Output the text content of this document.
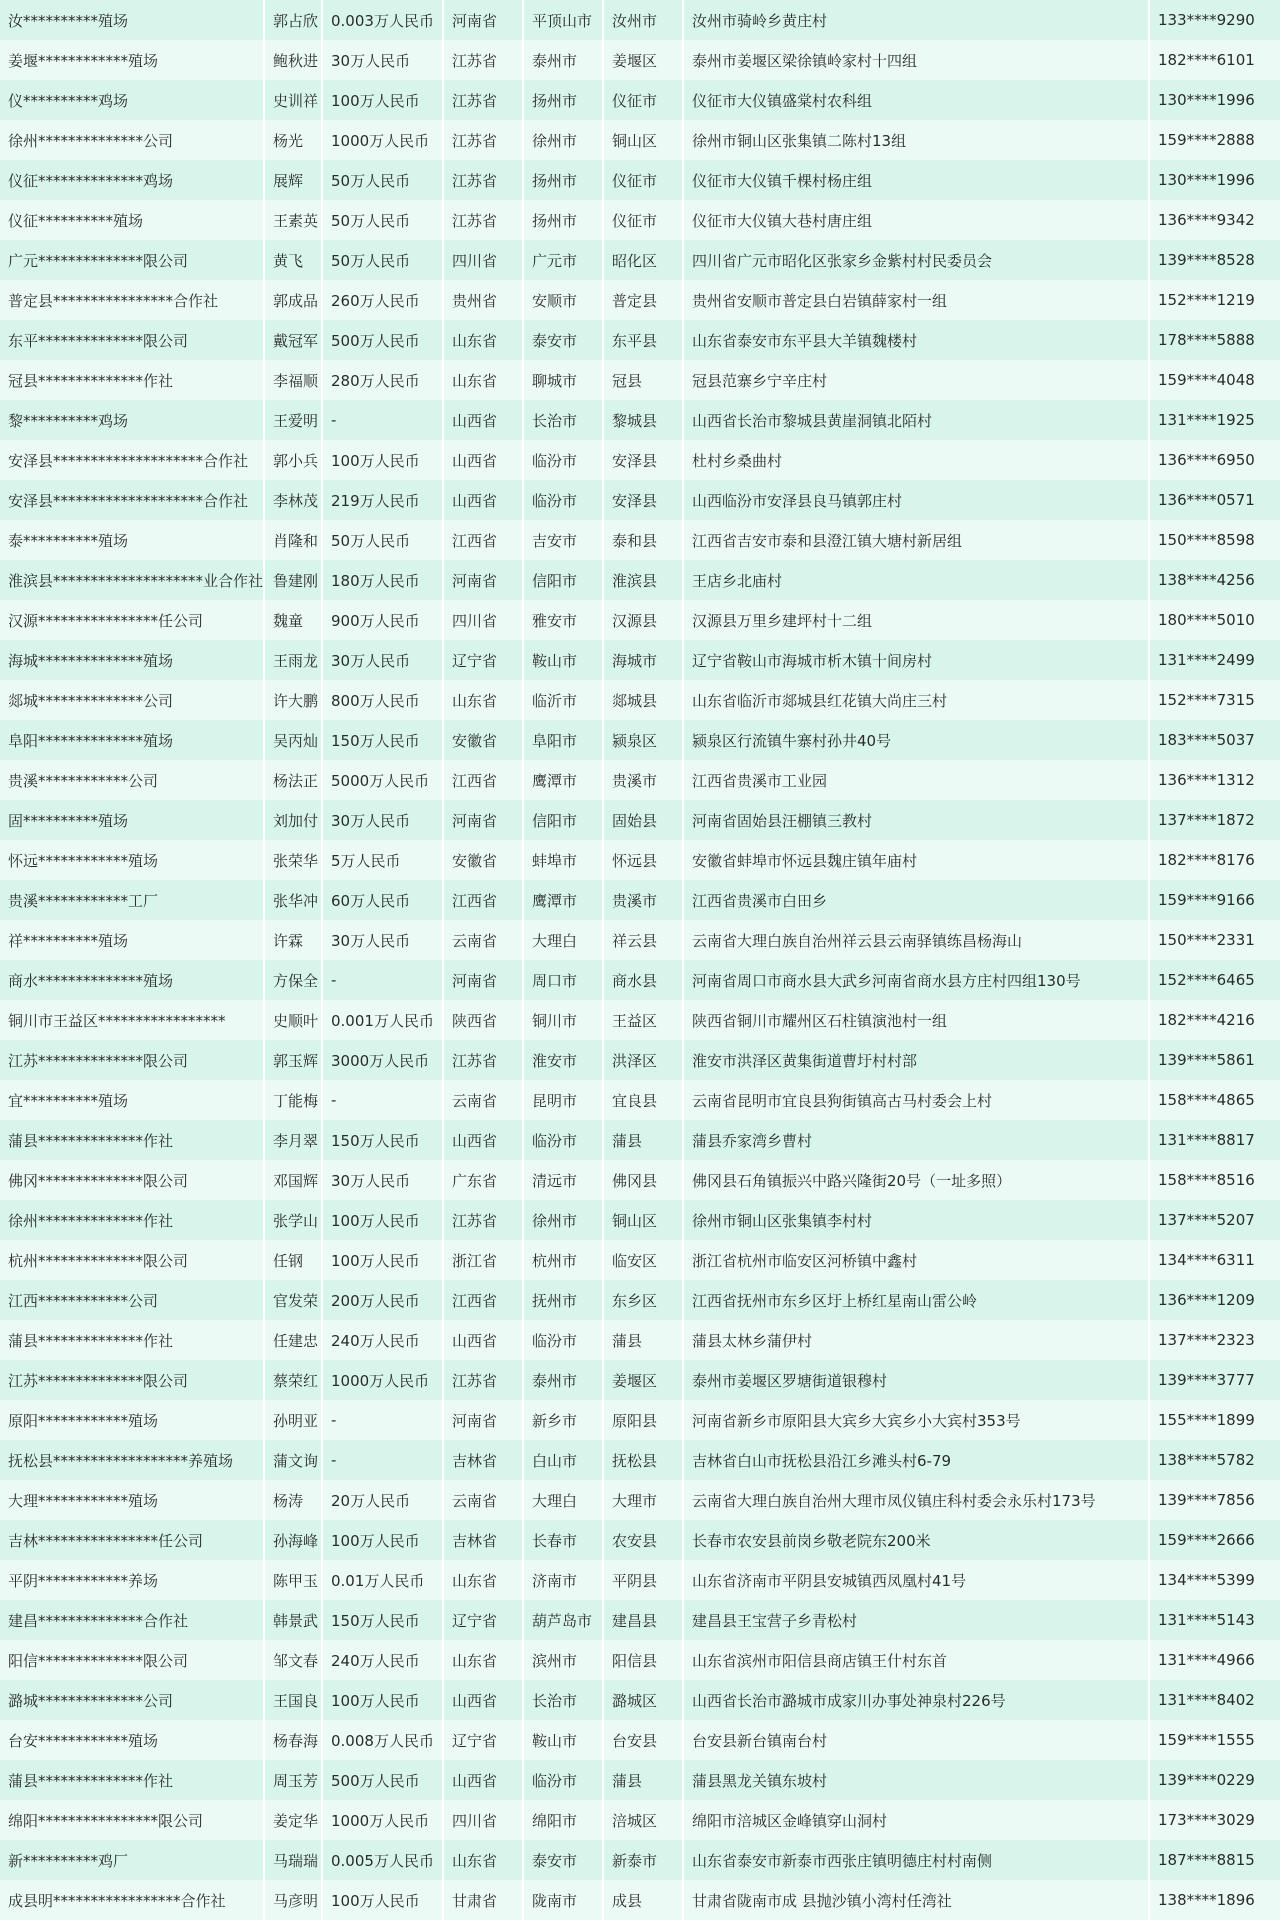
汝**********殖场	郭占欣	0.003万人民币	河南省	平顶山市	汝州市	汝州市骑岭乡黄庄村	133****9290
姜堰************殖场	鲍秋进	30万人民币	江苏省	泰州市	姜堰区	泰州市姜堰区梁徐镇岭家村十四组	182****6101
仪**********鸡场	史训祥	100万人民币	江苏省	扬州市	仪征市	仪征市大仪镇盛棠村农科组	130****1996
徐州**************公司	杨光	1000万人民币	江苏省	徐州市	铜山区	徐州市铜山区张集镇二陈村13组	159****2888
仪征**************鸡场	展辉	50万人民币	江苏省	扬州市	仪征市	仪征市大仪镇千棵村杨庄组	130****1996
仪征**********殖场	王素英	50万人民币	江苏省	扬州市	仪征市	仪征市大仪镇大巷村唐庄组	136****9342
广元**************限公司	黄飞	50万人民币	四川省	广元市	昭化区	四川省广元市昭化区张家乡金紫村村民委员会	139****8528
普定县****************合作社	郭成品	260万人民币	贵州省	安顺市	普定县	贵州省安顺市普定县白岩镇薛家村一组	152****1219
东平**************限公司	戴冠军	500万人民币	山东省	泰安市	东平县	山东省泰安市东平县大羊镇魏楼村	178****5888
冠县**************作社	李福顺	280万人民币	山东省	聊城市	冠县	冠县范寨乡宁辛庄村	159****4048
黎**********鸡场	王爱明	-	山西省	长治市	黎城县	山西省长治市黎城县黄崖洞镇北陌村	131****1925
安泽县********************合作社	郭小兵	100万人民币	山西省	临汾市	安泽县	杜村乡桑曲村	136****6950
安泽县********************合作社	李林茂	219万人民币	山西省	临汾市	安泽县	山西临汾市安泽县良马镇郭庄村	136****0571
泰**********殖场	肖隆和	50万人民币	江西省	吉安市	泰和县	江西省吉安市泰和县澄江镇大塘村新居组	150****8598
淮滨县********************业合作社	鲁建刚	180万人民币	河南省	信阳市	淮滨县	王店乡北庙村	138****4256
汉源****************任公司	魏童	900万人民币	四川省	雅安市	汉源县	汉源县万里乡建坪村十二组	180****5010
海城**************殖场	王雨龙	30万人民币	辽宁省	鞍山市	海城市	辽宁省鞍山市海城市析木镇十间房村	131****2499
郯城**************公司	许大鹏	800万人民币	山东省	临沂市	郯城县	山东省临沂市郯城县红花镇大尚庄三村	152****7315
阜阳**************殖场	吴丙灿	150万人民币	安徽省	阜阳市	颍泉区	颍泉区行流镇牛寨村孙井40号	183****5037
贵溪************公司	杨法正	5000万人民币	江西省	鹰潭市	贵溪市	江西省贵溪市工业园	136****1312
固**********殖场	刘加付	30万人民币	河南省	信阳市	固始县	河南省固始县汪棚镇三教村	137****1872
怀远************殖场	张荣华	5万人民币	安徽省	蚌埠市	怀远县	安徽省蚌埠市怀远县魏庄镇年庙村	182****8176
贵溪************工厂	张华冲	60万人民币	江西省	鹰潭市	贵溪市	江西省贵溪市白田乡	159****9166
祥**********殖场	许霖	30万人民币	云南省	大理白	祥云县	云南省大理白族自治州祥云县云南驿镇练昌杨海山	150****2331
商水**************殖场	方保全	-	河南省	周口市	商水县	河南省周口市商水县大武乡河南省商水县方庄村四组130号	152****6465
铜川市王益区*****************	史顺叶	0.001万人民币	陕西省	铜川市	王益区	陕西省铜川市耀州区石柱镇演池村一组	182****4216
江苏**************限公司	郭玉辉	3000万人民币	江苏省	淮安市	洪泽区	淮安市洪泽区黄集街道曹圩村村部	139****5861
宜**********殖场	丁能梅	-	云南省	昆明市	宜良县	云南省昆明市宜良县狗街镇高古马村委会上村	158****4865
蒲县**************作社	李月翠	150万人民币	山西省	临汾市	蒲县	蒲县乔家湾乡曹村	131****8817
佛冈**************限公司	邓国辉	30万人民币	广东省	清远市	佛冈县	佛冈县石角镇振兴中路兴隆街20号（一址多照）	158****8516
徐州**************作社	张学山	100万人民币	江苏省	徐州市	铜山区	徐州市铜山区张集镇李村村	137****5207
杭州**************限公司	任钢	100万人民币	浙江省	杭州市	临安区	浙江省杭州市临安区河桥镇中鑫村	134****6311
江西************公司	官发荣	200万人民币	江西省	抚州市	东乡区	江西省抚州市东乡区圩上桥红星南山雷公岭	136****1209
蒲县**************作社	任建忠	240万人民币	山西省	临汾市	蒲县	蒲县太林乡蒲伊村	137****2323
江苏**************限公司	蔡荣红	1000万人民币	江苏省	泰州市	姜堰区	泰州市姜堰区罗塘街道银穆村	139****3777
原阳************殖场	孙明亚	-	河南省	新乡市	原阳县	河南省新乡市原阳县大宾乡大宾乡小大宾村353号	155****1899
抚松县******************养殖场	蒲文询	-	吉林省	白山市	抚松县	吉林省白山市抚松县沿江乡滩头村6-79	138****5782
大理************殖场	杨涛	20万人民币	云南省	大理白	大理市	云南省大理白族自治州大理市凤仪镇庄科村委会永乐村173号	139****7856
吉林****************任公司	孙海峰	100万人民币	吉林省	长春市	农安县	长春市农安县前岗乡敬老院东200米	159****2666
平阴************养场	陈甲玉	0.01万人民币	山东省	济南市	平阴县	山东省济南市平阴县安城镇西凤凰村41号	134****5399
建昌**************合作社	韩景武	150万人民币	辽宁省	葫芦岛市	建昌县	建昌县王宝营子乡青松村	131****5143
阳信**************限公司	邹文春	240万人民币	山东省	滨州市	阳信县	山东省滨州市阳信县商店镇王什村东首	131****4966
潞城**************公司	王国良	100万人民币	山西省	长治市	潞城区	山西省长治市潞城市成家川办事处神泉村226号	131****8402
台安************殖场	杨春海	0.008万人民币	辽宁省	鞍山市	台安县	台安县新台镇南台村	159****1555
蒲县**************作社	周玉芳	500万人民币	山西省	临汾市	蒲县	蒲县黑龙关镇东坡村	139****0229
绵阳****************限公司	姜定华	1000万人民币	四川省	绵阳市	涪城区	绵阳市涪城区金峰镇穿山洞村	173****3029
新**********鸡厂	马瑞瑞	0.005万人民币	山东省	泰安市	新泰市	山东省泰安市新泰市西张庄镇明德庄村村南侧	187****8815
成县明*****************合作社	马彦明	100万人民币	甘肃省	陇南市	成县	甘肃省陇南市成 县抛沙镇小湾村任湾社	138****1896
